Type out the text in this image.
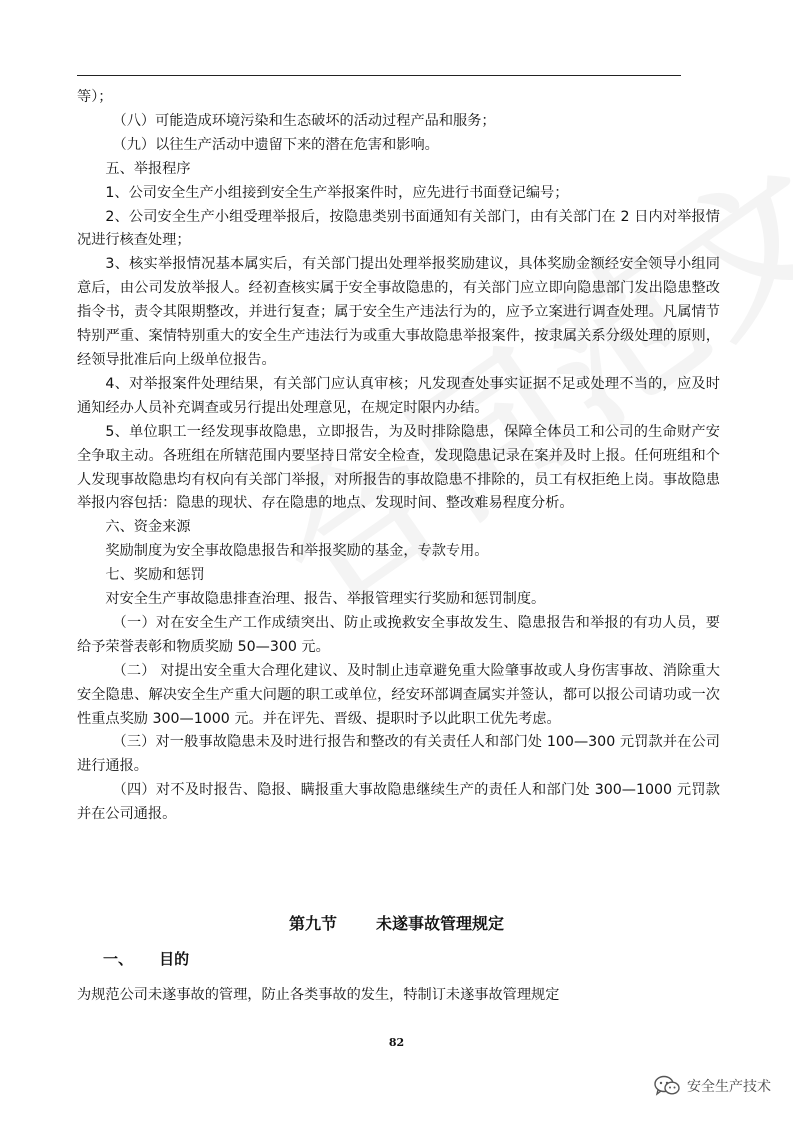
等）；

（八）可能造成环境污染和生态破坏的活动过程产品和服务；

（九）以往生产活动中遗留下来的潜在危害和影响。

五、举报程序

1、公司安全生产小组接到安全生产举报案件时，应先进行书面登记编号；

2、公司安全生产小组受理举报后，按隐患类别书面通知有关部门，由有关部门在 2 日内对举报情况进行核查处理；

3、核实举报情况基本属实后，有关部门提出处理举报奖励建议，具体奖励金额经安全领导小组同意后，由公司发放举报人。经初查核实属于安全事故隐患的，有关部门应立即向隐患部门发出隐患整改指令书，责令其限期整改，并进行复查；属于安全生产违法行为的，应予立案进行调查处理。凡属情节特别严重、案情特别重大的安全生产违法行为或重大事故隐患举报案件，按隶属关系分级处理的原则，经领导批准后向上级单位报告。

4、对举报案件处理结果，有关部门应认真审核；凡发现查处事实证据不足或处理不当的，应及时通知经办人员补充调查或另行提出处理意见，在规定时限内办结。

5、单位职工一经发现事故隐患，立即报告，为及时排除隐患，保障全体员工和公司的生命财产安全争取主动。各班组在所辖范围内要坚持日常安全检查，发现隐患记录在案并及时上报。任何班组和个人发现事故隐患均有权向有关部门举报，对所报告的事故隐患不排除的，员工有权拒绝上岗。事故隐患举报内容包括：隐患的现状、存在隐患的地点、发现时间、整改难易程度分析。

六、资金来源

奖励制度为安全事故隐患报告和举报奖励的基金，专款专用。

七、奖励和惩罚

对安全生产事故隐患排查治理、报告、举报管理实行奖励和惩罚制度。

（一）对在安全生产工作成绩突出、防止或挽救安全事故发生、隐患报告和举报的有功人员，要给予荣誉表彰和物质奖励 50—300 元。

（二） 对提出安全重大合理化建议、及时制止违章避免重大险肇事故或人身伤害事故、消除重大安全隐患、解决安全生产重大问题的职工或单位，经安环部调查属实并签认，都可以报公司请功或一次性重点奖励 300—1000 元。并在评先、晋级、提职时予以此职工优先考虑。

（三）对一般事故隐患未及时进行报告和整改的有关责任人和部门处 100—300 元罚款并在公司进行通报。

（四）对不及时报告、隐报、瞒报重大事故隐患继续生产的责任人和部门处 300—1000 元罚款并在公司通报。

第九节       未遂事故管理规定
一、     目的
为规范公司未遂事故的管理，防止各类事故的发生，特制订未遂事故管理规定
82
安全生产技术
